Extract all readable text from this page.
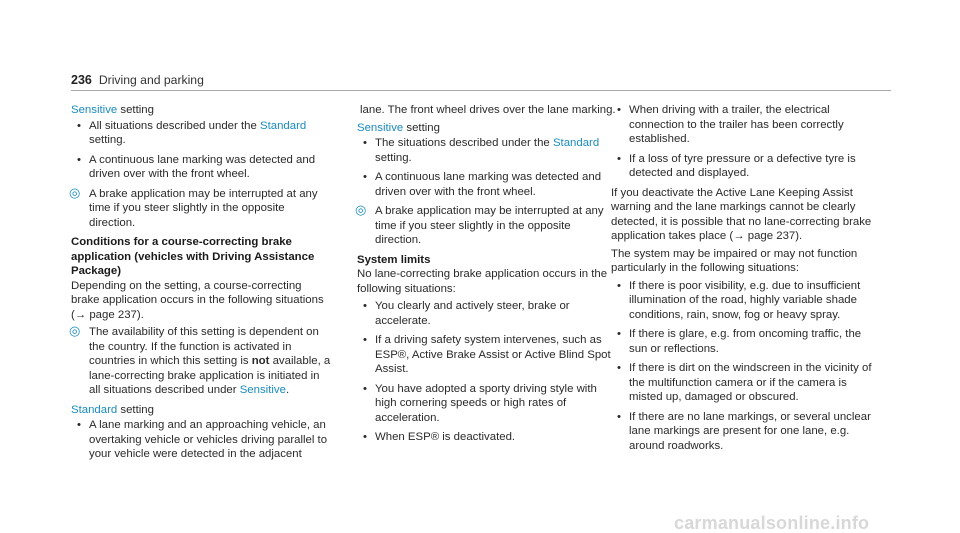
236 Driving and parking
Sensitive setting
• All situations described under the Standard setting.
• A continuous lane marking was detected and driven over with the front wheel.
◎ A brake application may be interrupted at any time if you steer slightly in the opposite direction.
Conditions for a course-correcting brake application (vehicles with Driving Assistance Package)

Depending on the setting, a course-correcting brake application occurs in the following situations (→ page 237).

◎ The availability of this setting is dependent on the country. If the function is activated in countries in which this setting is not available, a lane-correcting brake application is initiated in all situations described under Sensitive.
Standard setting
• A lane marking and an approaching vehicle, an overtaking vehicle or vehicles driving parallel to your vehicle were detected in the adjacent

lane. The front wheel drives over the lane marking.

Sensitive setting
• The situations described under the Standard setting.
• A continuous lane marking was detected and driven over with the front wheel.
◎ A brake application may be interrupted at any time if you steer slightly in the opposite direction.
System limits

No lane-correcting brake application occurs in the following situations:

• You clearly and actively steer, brake or accelerate.
• If a driving safety system intervenes, such as ESP®, Active Brake Assist or Active Blind Spot Assist.
• You have adopted a sporty driving style with high cornering speeds or high rates of acceleration.
• When ESP® is deactivated.
• When driving with a trailer, the electrical connection to the trailer has been correctly established.
• If a loss of tyre pressure or a defective tyre is detected and displayed.

If you deactivate the Active Lane Keeping Assist warning and the lane markings cannot be clearly detected, it is possible that no lane-correcting brake application takes place (→ page 237).

The system may be impaired or may not function particularly in the following situations:

• If there is poor visibility, e.g. due to insufficient illumination of the road, highly variable shade conditions, rain, snow, fog or heavy spray.
• If there is glare, e.g. from oncoming traffic, the sun or reflections.
• If there is dirt on the windscreen in the vicinity of the multifunction camera or if the camera is misted up, damaged or obscured.
• If there are no lane markings, or several unclear lane markings are present for one lane, e.g. around roadworks.
carmanualsonline.info
